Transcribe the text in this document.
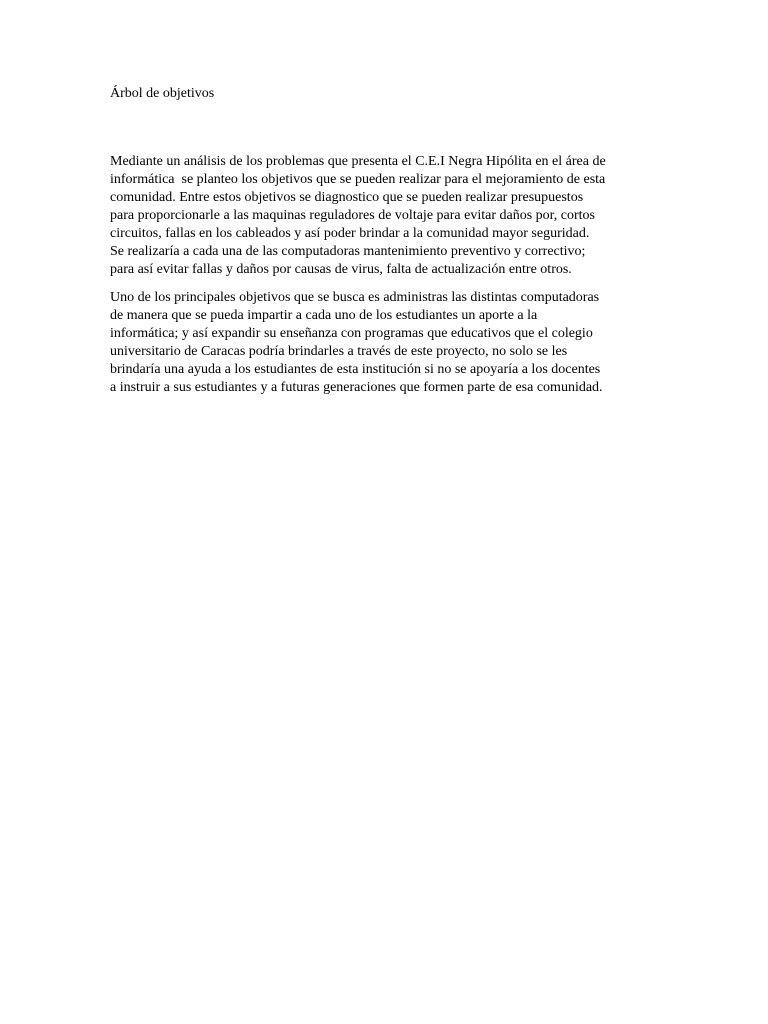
Árbol de objetivos

Mediante un análisis de los problemas que presenta el C.E.I Negra Hipólita en el área de
informática  se planteo los objetivos que se pueden realizar para el mejoramiento de esta
comunidad. Entre estos objetivos se diagnostico que se pueden realizar presupuestos
para proporcionarle a las maquinas reguladores de voltaje para evitar daños por, cortos
circuitos, fallas en los cableados y así poder brindar a la comunidad mayor seguridad.
Se realizaría a cada una de las computadoras mantenimiento preventivo y correctivo;
para así evitar fallas y daños por causas de virus, falta de actualización entre otros.

Uno de los principales objetivos que se busca es administras las distintas computadoras
de manera que se pueda impartir a cada uno de los estudiantes un aporte a la
informática; y así expandir su enseñanza con programas que educativos que el colegio
universitario de Caracas podría brindarles a través de este proyecto, no solo se les
brindaría una ayuda a los estudiantes de esta institución si no se apoyaría a los docentes
a instruir a sus estudiantes y a futuras generaciones que formen parte de esa comunidad.
